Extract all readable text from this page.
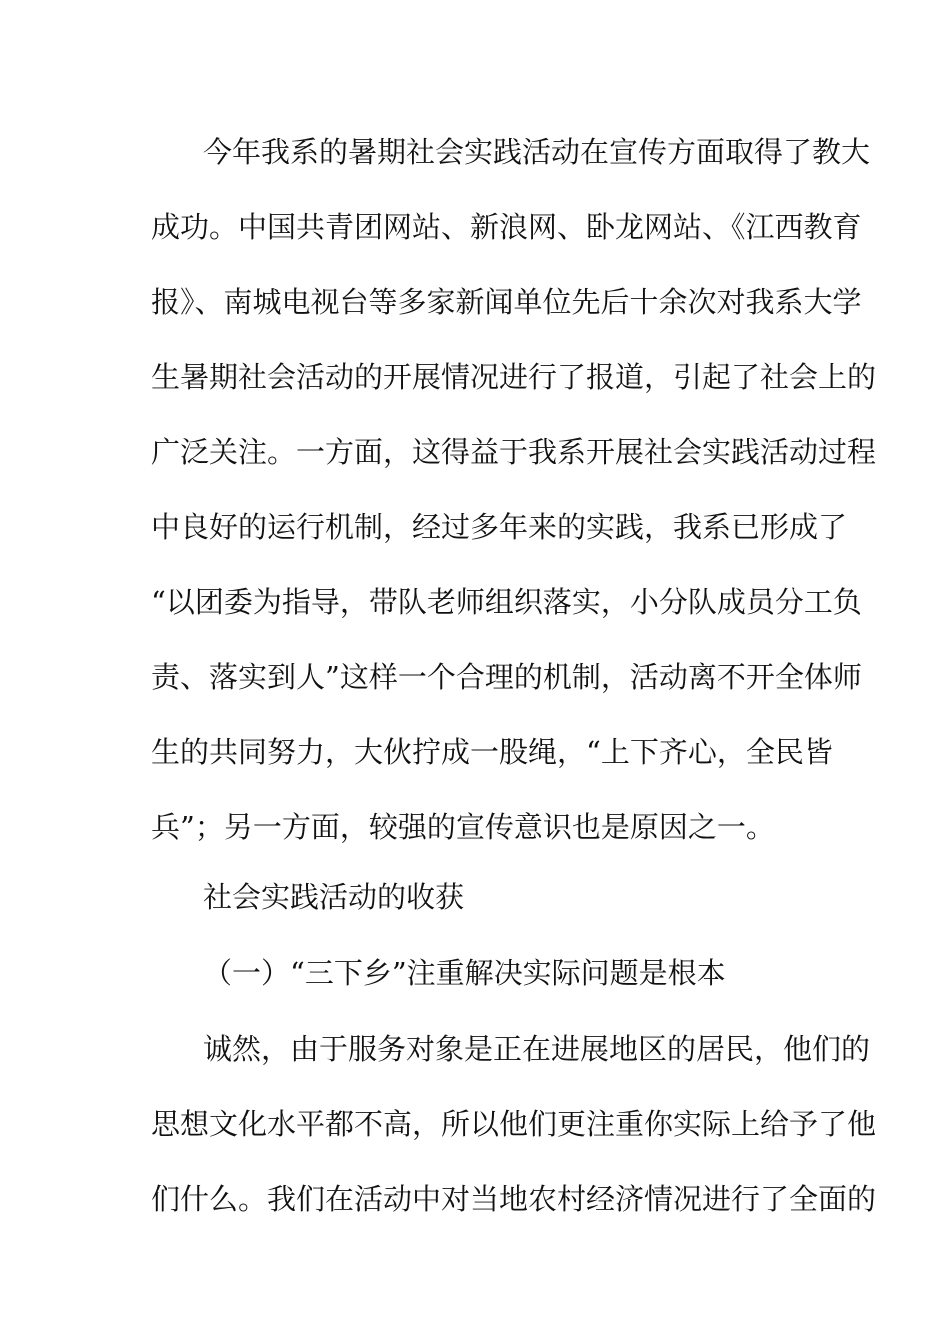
今年我系的暑期社会实践活动在宣传方面取得了教大
成功。中国共青团网站、新浪网、卧龙网站、《江西教育
报》、南城电视台等多家新闻单位先后十余次对我系大学
生暑期社会活动的开展情况进行了报道，引起了社会上的
广泛关注。一方面，这得益于我系开展社会实践活动过程
中良好的运行机制，经过多年来的实践，我系已形成了
“以团委为指导，带队老师组织落实，小分队成员分工负
责、落实到人”这样一个合理的机制，活动离不开全体师
生的共同努力，大伙拧成一股绳，“上下齐心，全民皆
兵”；另一方面，较强的宣传意识也是原因之一。
社会实践活动的收获
（一）“三下乡”注重解决实际问题是根本
诚然，由于服务对象是正在进展地区的居民，他们的
思想文化水平都不高，所以他们更注重你实际上给予了他
们什么。我们在活动中对当地农村经济情况进行了全面的
